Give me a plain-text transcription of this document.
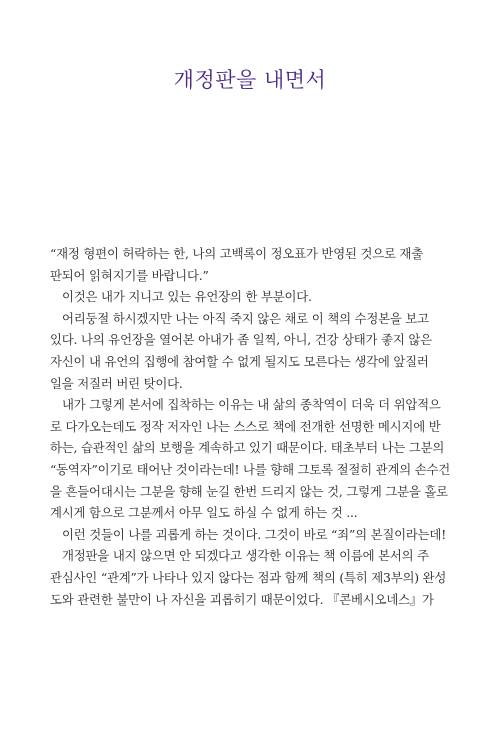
개정판을 내면서
“재정 형편이 허락하는 한, 나의 고백록이 정오표가 반영된 것으로 재출
판되어 읽혀지기를 바랍니다.”
이것은 내가 지니고 있는 유언장의 한 부분이다.
어리둥절 하시겠지만 나는 아직 죽지 않은 채로 이 책의 수정본을 보고
있다. 나의 유언장을 열어본 아내가 좀 일찍, 아니, 건강 상태가 좋지 않은
자신이 내 유언의 집행에 참여할 수 없게 될지도 모른다는 생각에 앞질러
일을 저질러 버린 탓이다.
내가 그렇게 본서에 집착하는 이유는 내 삶의 종착역이 더욱 더 위압적으
로 다가오는데도 정작 저자인 나는 스스로 책에 전개한 선명한 메시지에 반
하는, 습관적인 삶의 보행을 계속하고 있기 때문이다. 태초부터 나는 그분의
“동역자”이기로 태어난 것이라는데! 나를 향해 그토록 절절히 관계의 손수건
을 흔들어대시는 그분을 향해 눈길 한번 드리지 않는 것, 그렇게 그분을 홀로
계시게 함으로 그분께서 아무 일도 하실 수 없게 하는 것 ...
이런 것들이 나를 괴롭게 하는 것이다. 그것이 바로 “죄”의 본질이라는데!
개정판을 내지 않으면 안 되겠다고 생각한 이유는 책 이름에 본서의 주
관심사인 “관계”가 나타나 있지 않다는 점과 함께 책의 (특히 제3부의) 완성
도와 관련한 불만이 나 자신을 괴롭히기 때문이었다. 『콘베시오네스』가
